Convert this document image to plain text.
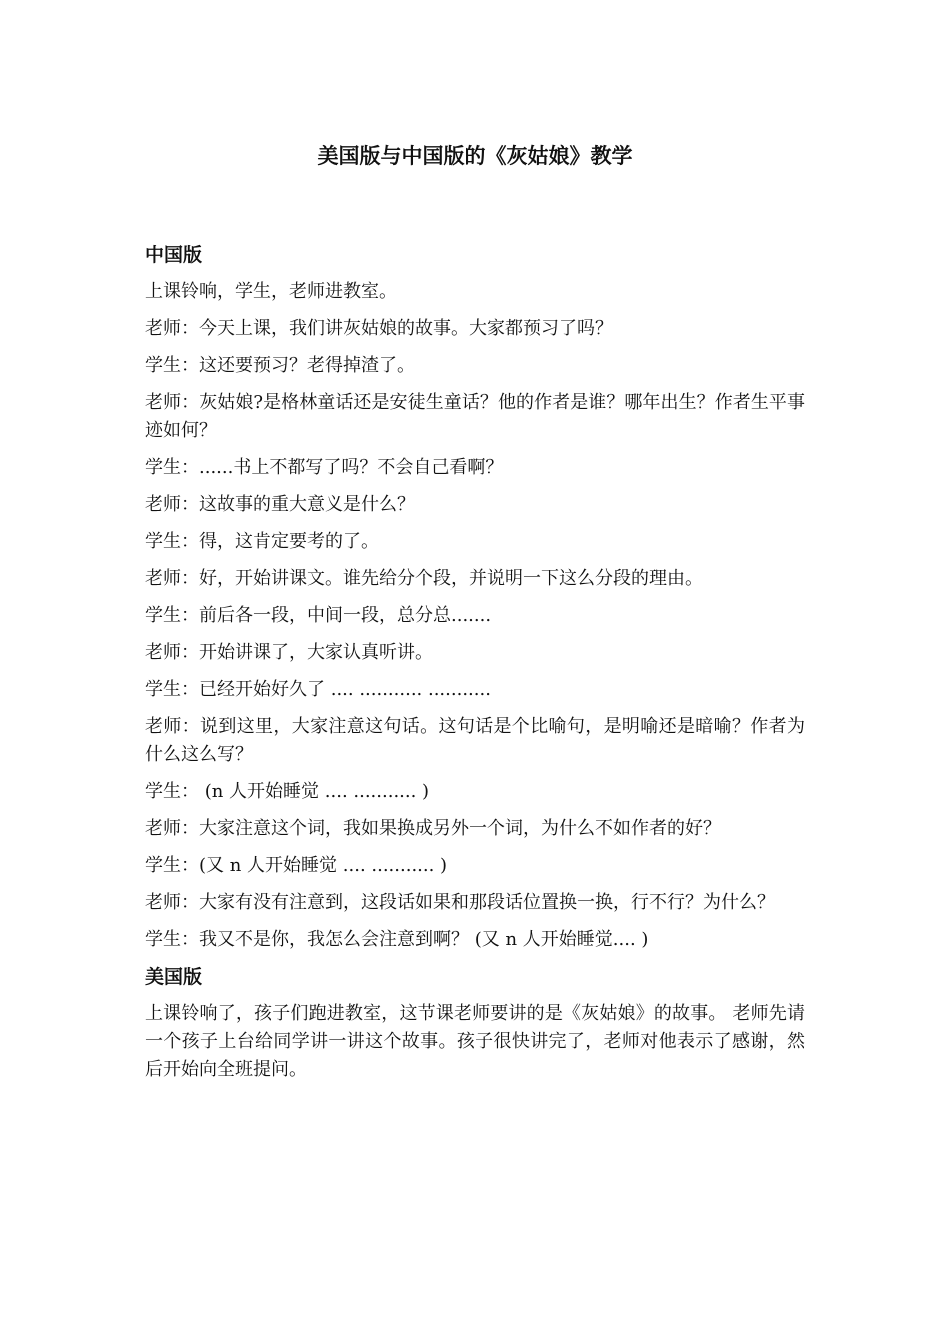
美国版与中国版的《灰姑娘》教学
中国版

上课铃响，学生，老师进教室。

老师：今天上课，我们讲灰姑娘的故事。大家都预习了吗？

学生：这还要预习？老得掉渣了。

老师：灰姑娘?是格林童话还是安徒生童话？他的作者是谁？哪年出生？作者生平事迹如何？

学生：......书上不都写了吗？不会自己看啊？

老师：这故事的重大意义是什么？

学生：得，这肯定要考的了。

老师：好，开始讲课文。谁先给分个段，并说明一下这么分段的理由。

学生：前后各一段，中间一段，总分总.......

老师：开始讲课了，大家认真听讲。

学生：已经开始好久了 .... ........... ...........

老师：说到这里，大家注意这句话。这句话是个比喻句，是明喻还是暗喻？作者为什么这么写？

学生： (n 人开始睡觉 .... ........... )

老师：大家注意这个词，我如果换成另外一个词，为什么不如作者的好？

学生：(又 n 人开始睡觉 .... ........... )

老师：大家有没有注意到，这段话如果和那段话位置换一换，行不行？为什么？

学生：我又不是你，我怎么会注意到啊？ (又 n 人开始睡觉.... )

美国版

上课铃响了，孩子们跑进教室，这节课老师要讲的是《灰姑娘》的故事。 老师先请一个孩子上台给同学讲一讲这个故事。孩子很快讲完了，老师对他表示了感谢，然后开始向全班提问。
